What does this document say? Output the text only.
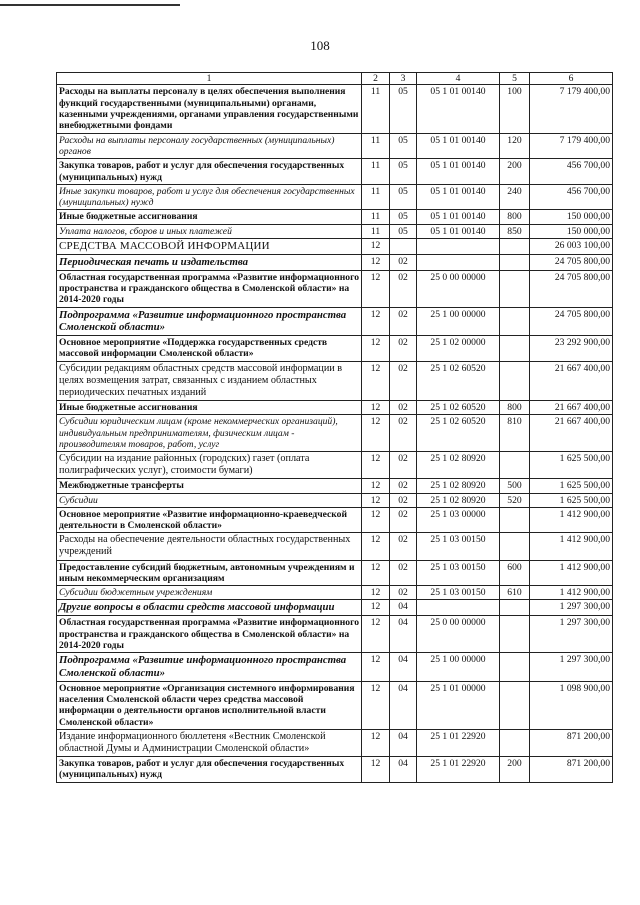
108
1	2	3	4	5	6
Расходы на выплаты персоналу в целях обеспечения выполнения функций государственными (муниципальными) органами, казенными учреждениями, органами управления государственными внебюджетными фондами	11	05	05 1 01 00140	100	7 179 400,00
Расходы на выплаты персоналу государственных (муниципальных) органов	11	05	05 1 01 00140	120	7 179 400,00
Закупка товаров, работ и услуг для обеспечения государственных (муниципальных) нужд	11	05	05 1 01 00140	200	456 700,00
Иные закупки товаров, работ и услуг для обеспечения государственных (муниципальных) нужд	11	05	05 1 01 00140	240	456 700,00
Иные бюджетные ассигнования	11	05	05 1 01 00140	800	150 000,00
Уплата налогов, сборов и иных платежей	11	05	05 1 01 00140	850	150 000,00
СРЕДСТВА МАССОВОЙ ИНФОРМАЦИИ	12				26 003 100,00
Периодическая печать и издательства	12	02			24 705 800,00
Областная государственная программа «Развитие информационного пространства и гражданского общества в Смоленской области» на 2014-2020 годы	12	02	25 0 00 00000		24 705 800,00
Подпрограмма «Развитие информационного пространства Смоленской области»	12	02	25 1 00 00000		24 705 800,00
Основное мероприятие «Поддержка государственных средств массовой информации Смоленской области»	12	02	25 1 02 00000		23 292 900,00
Субсидии редакциям областных средств массовой информации в целях возмещения затрат, связанных с изданием областных периодических печатных изданий	12	02	25 1 02 60520		21 667 400,00
Иные бюджетные ассигнования	12	02	25 1 02 60520	800	21 667 400,00
Субсидии юридическим лицам (кроме некоммерческих организаций), индивидуальным предпринимателям, физическим лицам - производителям товаров, работ, услуг	12	02	25 1 02 60520	810	21 667 400,00
Субсидии на издание районных (городских) газет (оплата полиграфических услуг), стоимости бумаги)	12	02	25 1 02 80920		1 625 500,00
Межбюджетные трансферты	12	02	25 1 02 80920	500	1 625 500,00
Субсидии	12	02	25 1 02 80920	520	1 625 500,00
Основное мероприятие «Развитие информационно-краеведческой деятельности в Смоленской области»	12	02	25 1 03 00000		1 412 900,00
Расходы на обеспечение деятельности областных государственных учреждений	12	02	25 1 03 00150		1 412 900,00
Предоставление субсидий бюджетным, автономным учреждениям и иным некоммерческим организациям	12	02	25 1 03 00150	600	1 412 900,00
Субсидии бюджетным учреждениям	12	02	25 1 03 00150	610	1 412 900,00
Другие вопросы в области средств массовой информации	12	04			1 297 300,00
Областная государственная программа «Развитие информационного пространства и гражданского общества в Смоленской области» на 2014-2020 годы	12	04	25 0 00 00000		1 297 300,00
Подпрограмма «Развитие информационного пространства Смоленской области»	12	04	25 1 00 00000		1 297 300,00
Основное мероприятие «Организация системного информирования населения Смоленской области через средства массовой информации о деятельности органов исполнительной власти Смоленской области»	12	04	25 1 01 00000		1 098 900,00
Издание информационного бюллетеня «Вестник Смоленской областной Думы и Администрации Смоленской области»	12	04	25 1 01 22920		871 200,00
Закупка товаров, работ и услуг для обеспечения государственных (муниципальных) нужд	12	04	25 1 01 22920	200	871 200,00
